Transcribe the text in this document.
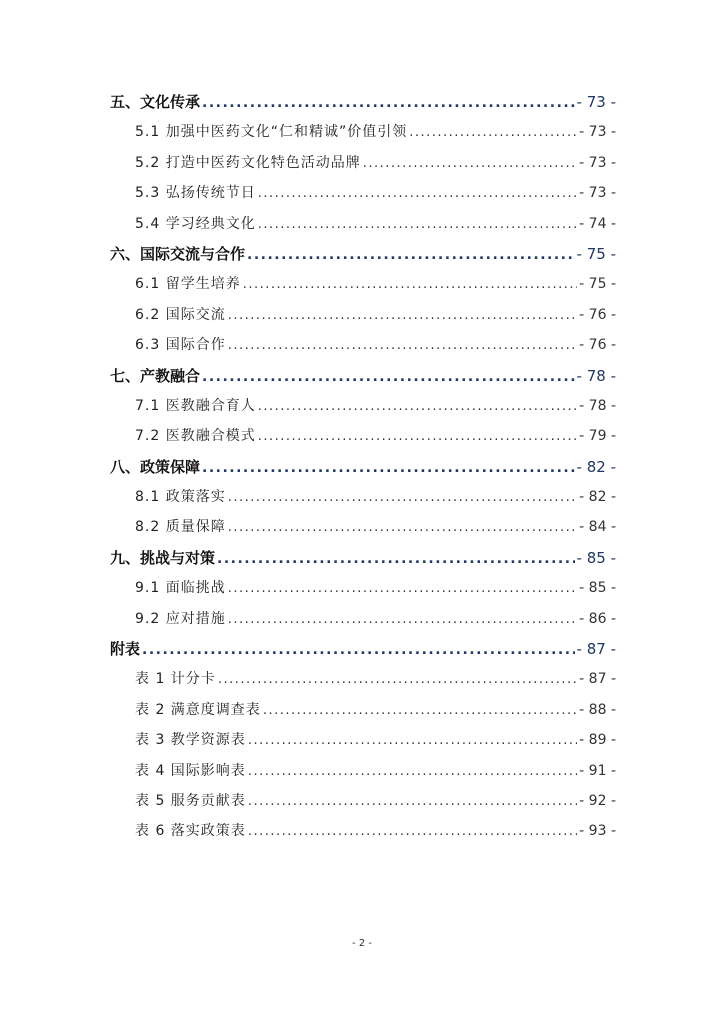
五、文化传承 .....	- 73 -
5.1 加强中医药文化“仁和精诚”价值引领 .....	- 73 -
5.2 打造中医药文化特色活动品牌 .....	- 73 -
5.3 弘扬传统节日 .....	- 73 -
5.4 学习经典文化 .....	- 74 -
六、国际交流与合作 .....	- 75 -
6.1 留学生培养 .....	- 75 -
6.2 国际交流 .....	- 76 -
6.3 国际合作 .....	- 76 -
七、产教融合 .....	- 78 -
7.1 医教融合育人 .....	- 78 -
7.2 医教融合模式 .....	- 79 -
八、政策保障 .....	- 82 -
8.1 政策落实 .....	- 82 -
8.2 质量保障 .....	- 84 -
九、挑战与对策 .....	- 85 -
9.1 面临挑战 .....	- 85 -
9.2 应对措施 .....	- 86 -
附表 .....	- 87 -
表 1 计分卡 .....	- 87 -
表 2 满意度调查表 .....	- 88 -
表 3 教学资源表 .....	- 89 -
表 4 国际影响表 .....	- 91 -
表 5 服务贡献表 .....	- 92 -
表 6 落实政策表 .....	- 93 -
- 2 -
